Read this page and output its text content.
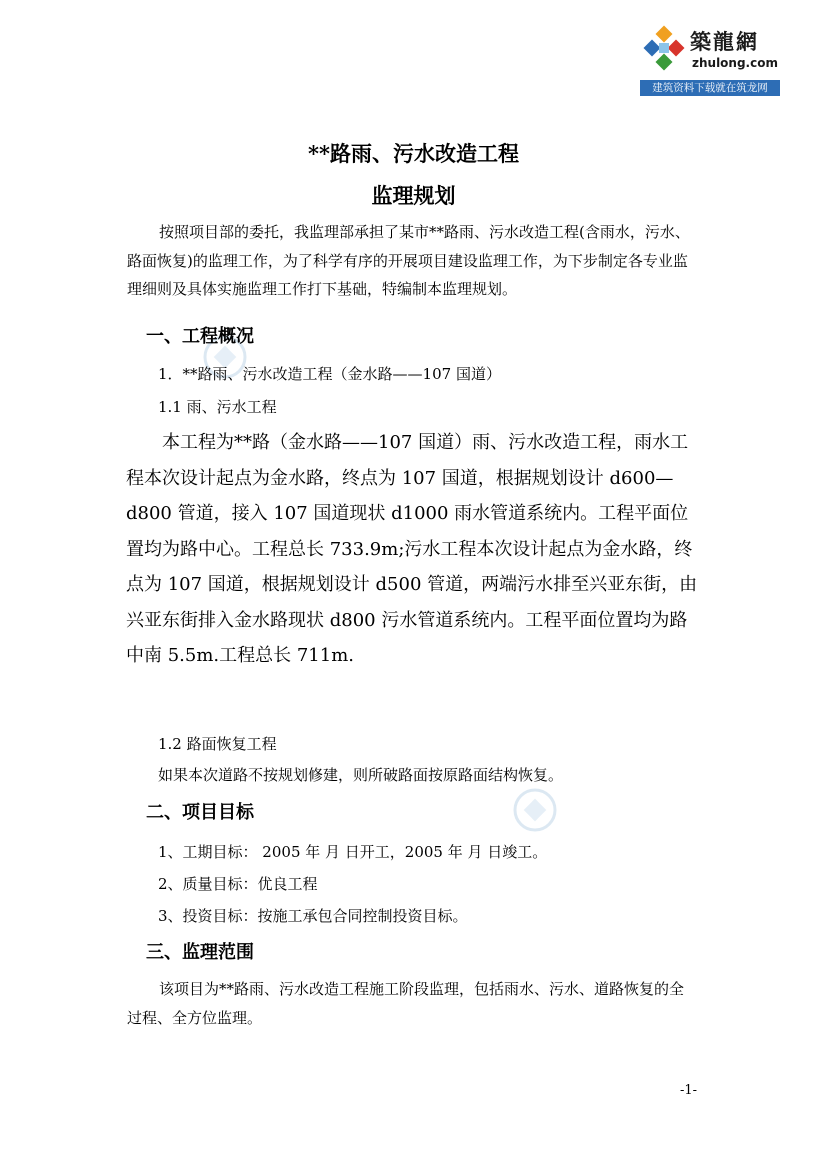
築龍網
zhulong.com
建筑资料下载就在筑龙网
**路雨、污水改造工程
监理规划

按照项目部的委托，我监理部承担了某市**路雨、污水改造工程(含雨水，污水、路面恢复)的监理工作，为了科学有序的开展项目建设监理工作，为下步制定各专业监理细则及具体实施监理工作打下基础，特编制本监理规划。

一、工程概况
1．**路雨、污水改造工程（金水路——107 国道）
1.1 雨、污水工程

本工程为**路（金水路——107 国道）雨、污水改造工程，雨水工程本次设计起点为金水路，终点为 107 国道，根据规划设计 d600—d800 管道，接入 107 国道现状 d1000 雨水管道系统内。工程平面位置均为路中心。工程总长 733.9m;污水工程本次设计起点为金水路，终点为 107 国道，根据规划设计 d500 管道，两端污水排至兴亚东街，由兴亚东街排入金水路现状 d800 污水管道系统内。工程平面位置均为路中南 5.5m.工程总长 711m.

1.2 路面恢复工程
如果本次道路不按规划修建，则所破路面按原路面结构恢复。
二、项目目标
1、工期目标： 2005 年 月 日开工，2005 年 月 日竣工。
2、质量目标：优良工程
3、投资目标：按施工承包合同控制投资目标。
三、监理范围

该项目为**路雨、污水改造工程施工阶段监理，包括雨水、污水、道路恢复的全过程、全方位监理。

-1-
